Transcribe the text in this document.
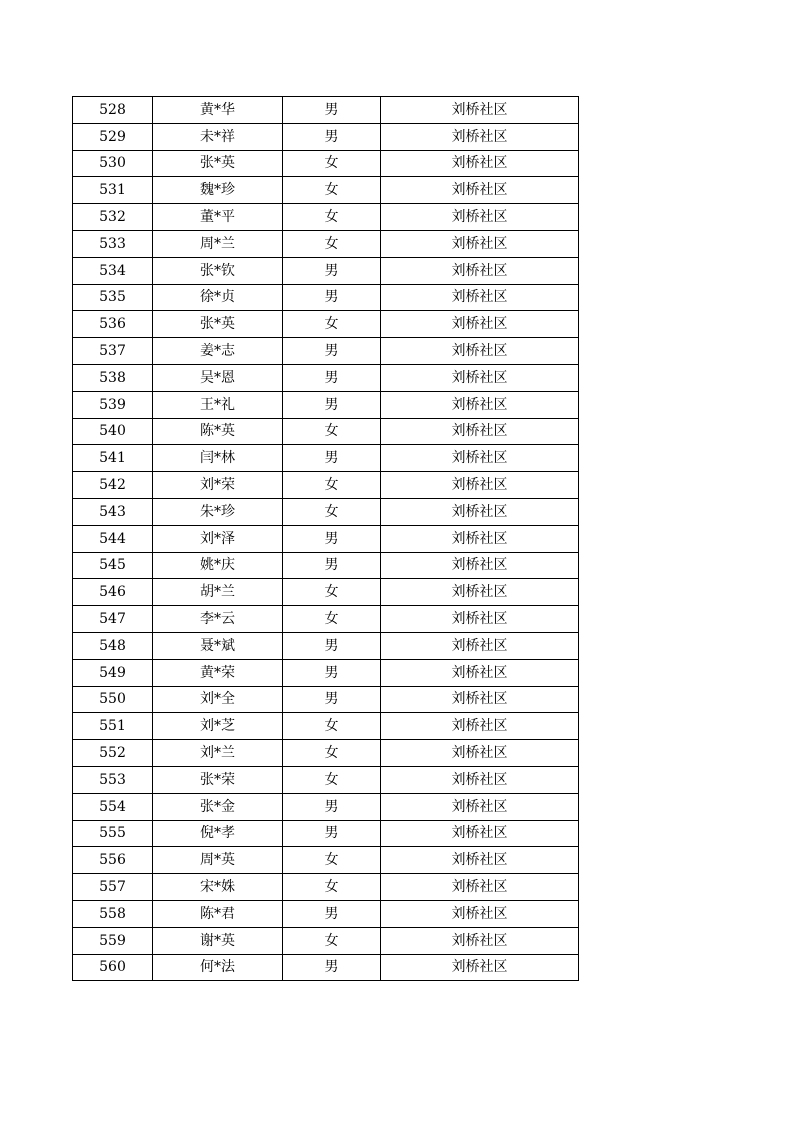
528	黄*华	男	刘桥社区
529	未*祥	男	刘桥社区
530	张*英	女	刘桥社区
531	魏*珍	女	刘桥社区
532	董*平	女	刘桥社区
533	周*兰	女	刘桥社区
534	张*钦	男	刘桥社区
535	徐*贞	男	刘桥社区
536	张*英	女	刘桥社区
537	姜*志	男	刘桥社区
538	吴*恩	男	刘桥社区
539	王*礼	男	刘桥社区
540	陈*英	女	刘桥社区
541	闫*林	男	刘桥社区
542	刘*荣	女	刘桥社区
543	朱*珍	女	刘桥社区
544	刘*泽	男	刘桥社区
545	姚*庆	男	刘桥社区
546	胡*兰	女	刘桥社区
547	李*云	女	刘桥社区
548	聂*斌	男	刘桥社区
549	黄*荣	男	刘桥社区
550	刘*全	男	刘桥社区
551	刘*芝	女	刘桥社区
552	刘*兰	女	刘桥社区
553	张*荣	女	刘桥社区
554	张*金	男	刘桥社区
555	倪*孝	男	刘桥社区
556	周*英	女	刘桥社区
557	宋*姝	女	刘桥社区
558	陈*君	男	刘桥社区
559	谢*英	女	刘桥社区
560	何*法	男	刘桥社区
